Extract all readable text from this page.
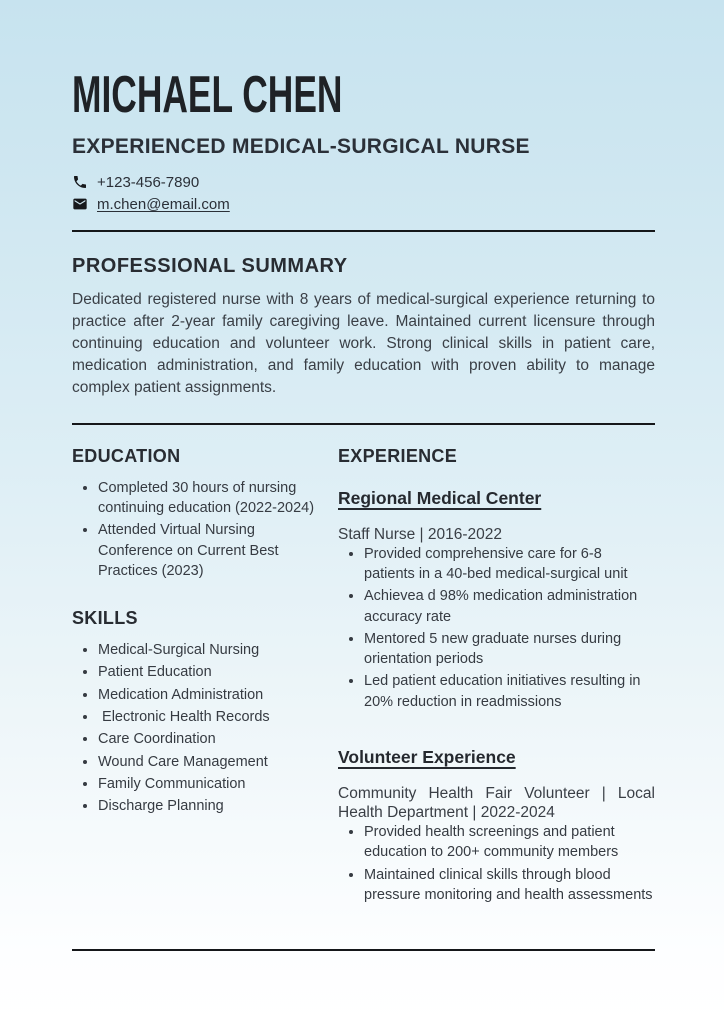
MICHAEL CHEN
EXPERIENCED MEDICAL-SURGICAL NURSE
+123-456-7890
m.chen@email.com
PROFESSIONAL SUMMARY

Dedicated registered nurse with 8 years of medical-surgical experience returning to practice after 2-year family caregiving leave. Maintained current licensure through continuing education and volunteer work. Strong clinical skills in patient care, medication administration, and family education with proven ability to manage complex patient assignments.

EDUCATION
• Completed 30 hours of nursing continuing education (2022-2024)
• Attended Virtual Nursing Conference on Current Best Practices (2023)
SKILLS
• Medical-Surgical Nursing
• Patient Education
• Medication Administration
•  Electronic Health Records
• Care Coordination
• Wound Care Management
• Family Communication
• Discharge Planning
EXPERIENCE
Regional Medical Center

Staff Nurse | 2016-2022

• Provided comprehensive care for 6-8 patients in a 40-bed medical-surgical unit
• Achievea d 98% medication administration accuracy rate
• Mentored 5 new graduate nurses during orientation periods
• Led patient education initiatives resulting in 20% reduction in readmissions
Volunteer Experience

Community Health Fair Volunteer | Local Health Department | 2022-2024

• Provided health screenings and patient education to 200+ community members
• Maintained clinical skills through blood pressure monitoring and health assessments
